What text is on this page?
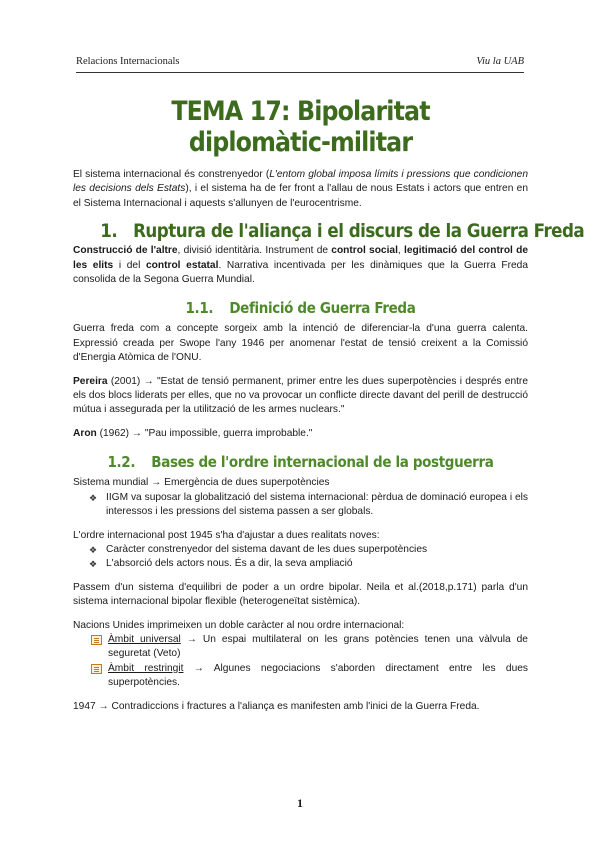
Relacions Internacionals	Viu la UAB
TEMA 17: Bipolaritat diplomàtic-militar

El sistema internacional és constrenyedor (L'entom global imposa límits i pressions que condicionen les decisions dels Estats), i el sistema ha de fer front a l'allau de nous Estats i actors que entren en el Sistema Internacional i aquests s'allunyen de l'eurocentrisme.

1. Ruptura de l'aliança i el discurs de la Guerra Freda

Construcció de l'altre, divisió identitària. Instrument de control social, legitimació del control de les elits i del control estatal. Narrativa incentivada per les dinàmiques que la Guerra Freda consolida de la Segona Guerra Mundial.

1.1. Definició de Guerra Freda

Guerra freda com a concepte sorgeix amb la intenció de diferenciar-la d'una guerra calenta. Expressió creada per Swope l'any 1946 per anomenar l'estat de tensió creixent a la Comissió d'Energia Atòmica de l'ONU.

Pereira (2001) → "Estat de tensió permanent, primer entre les dues superpotències i després entre els dos blocs liderats per elles, que no va provocar un conflicte directe davant del perill de destrucció mútua i assegurada per la utilització de les armes nuclears."

Aron (1962) → "Pau impossible, guerra improbable."

1.2. Bases de l'ordre internacional de la postguerra

Sistema mundial → Emergència de dues superpotències

❖ IIGM va suposar la globalització del sistema internacional: pèrdua de dominació europea i els interessos i les pressions del sistema passen a ser globals.

L'ordre internacional post 1945 s'ha d'ajustar a dues realitats noves:

❖ Caràcter constrenyedor del sistema davant de les dues superpotències
❖ L'absorció dels actors nous. És a dir, la seva ampliació

Passem d'un sistema d'equilibri de poder a un ordre bipolar. Neila et al.(2018,p.171) parla d'un sistema internacional bipolar flexible (heterogeneïtat sistèmica).

Nacions Unides imprimeixen un doble caràcter al nou ordre internacional:

Àmbit universal → Un espai multilateral on les grans potències tenen una vàlvula de seguretat (Veto)
Àmbit restringit → Algunes negociacions s'aborden directament entre les dues superpotències.

1947 → Contradiccions i fractures a l'aliança es manifesten amb l'inici de la Guerra Freda.

1
